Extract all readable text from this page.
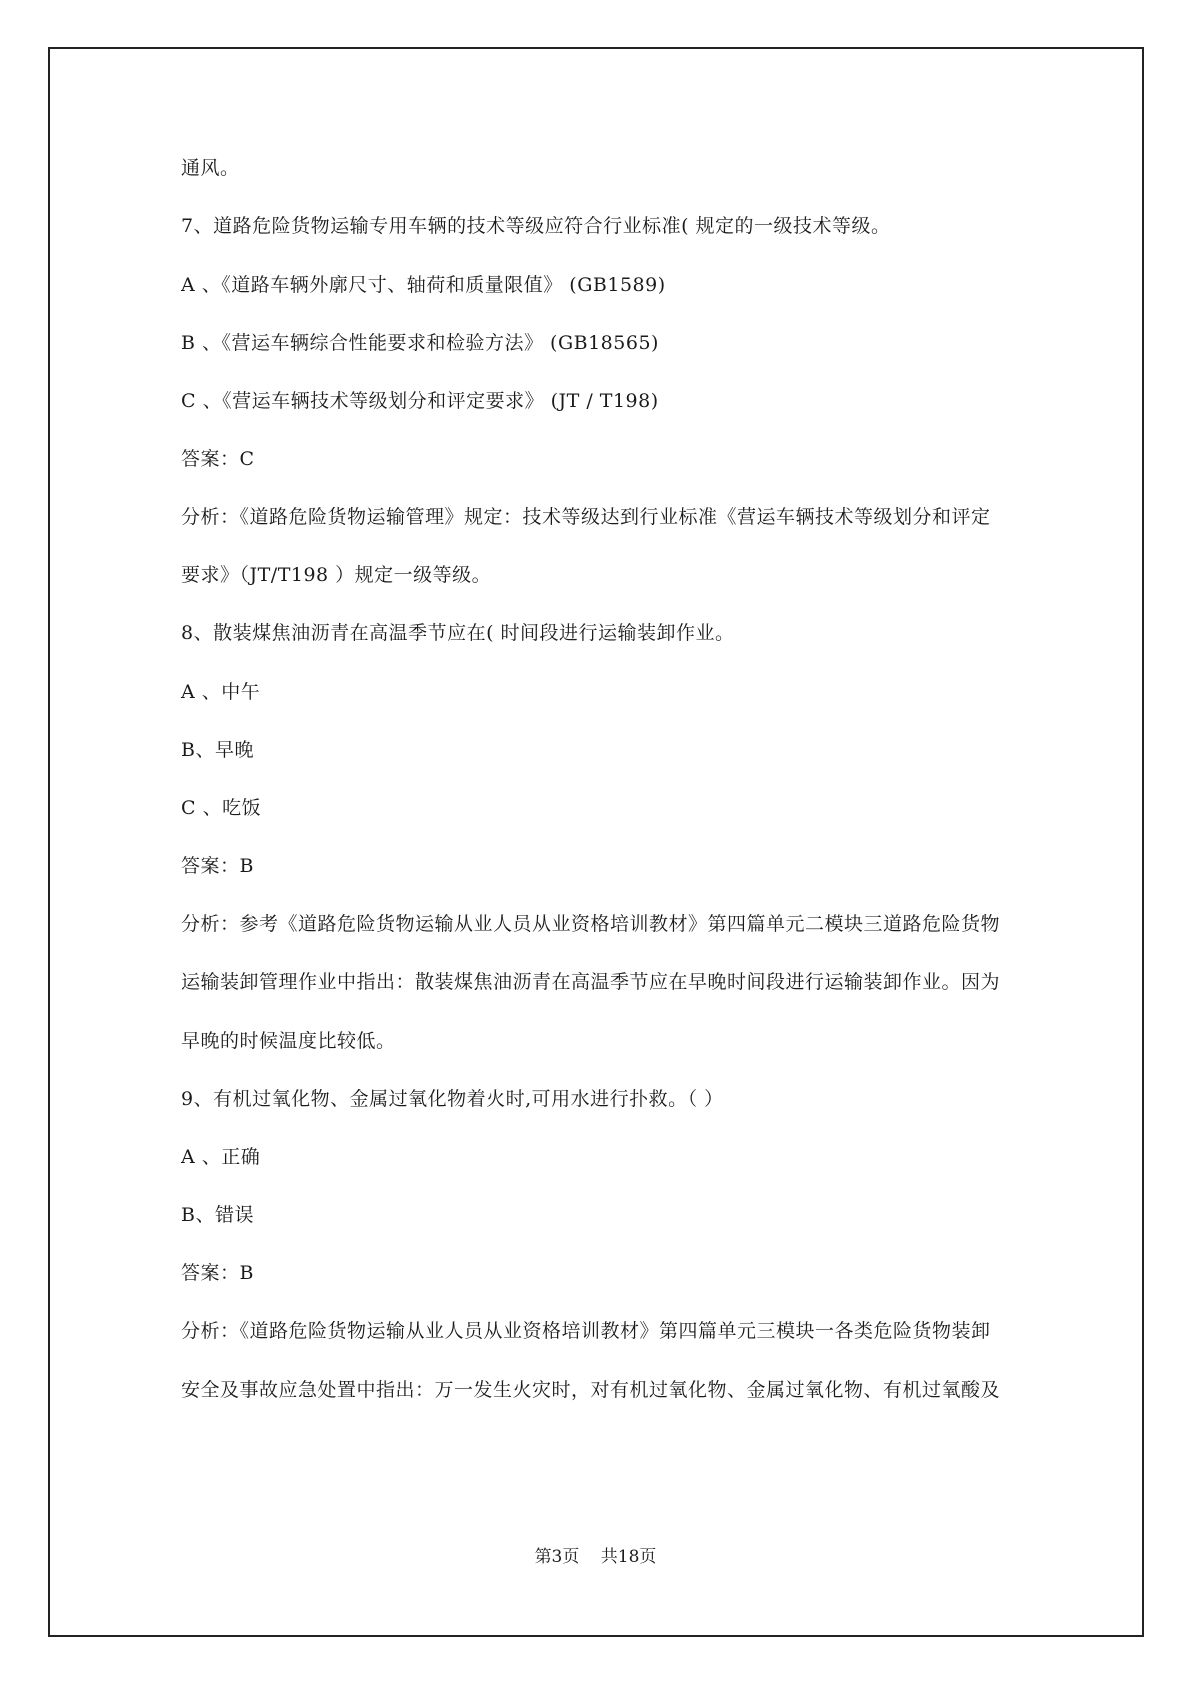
通风。
7、道路危险货物运输专用车辆的技术等级应符合行业标准( 规定的一级技术等级。
A 、《道路车辆外廓尺寸、轴荷和质量限值》 (GB1589)
B 、《营运车辆综合性能要求和检验方法》 (GB18565)
C 、《营运车辆技术等级划分和评定要求》 (JT / T198)
答案：C
分析：《道路危险货物运输管理》规定：技术等级达到行业标准《营运车辆技术等级划分和评定
要求》（JT/T198 ）规定一级等级。
8、散装煤焦油沥青在高温季节应在( 时间段进行运输装卸作业。
A 、中午
B、早晚
C 、吃饭
答案：B
分析：参考《道路危险货物运输从业人员从业资格培训教材》第四篇单元二模块三道路危险货物
运输装卸管理作业中指出：散装煤焦油沥青在高温季节应在早晚时间段进行运输装卸作业。因为
早晚的时候温度比较低。
9、有机过氧化物、金属过氧化物着火时,可用水进行扑救。（ ）
A 、正确
B、错误
答案：B
分析：《道路危险货物运输从业人员从业资格培训教材》第四篇单元三模块一各类危险货物装卸
安全及事故应急处置中指出：万一发生火灾时，对有机过氧化物、金属过氧化物、有机过氧酸及
第3页 共18页
